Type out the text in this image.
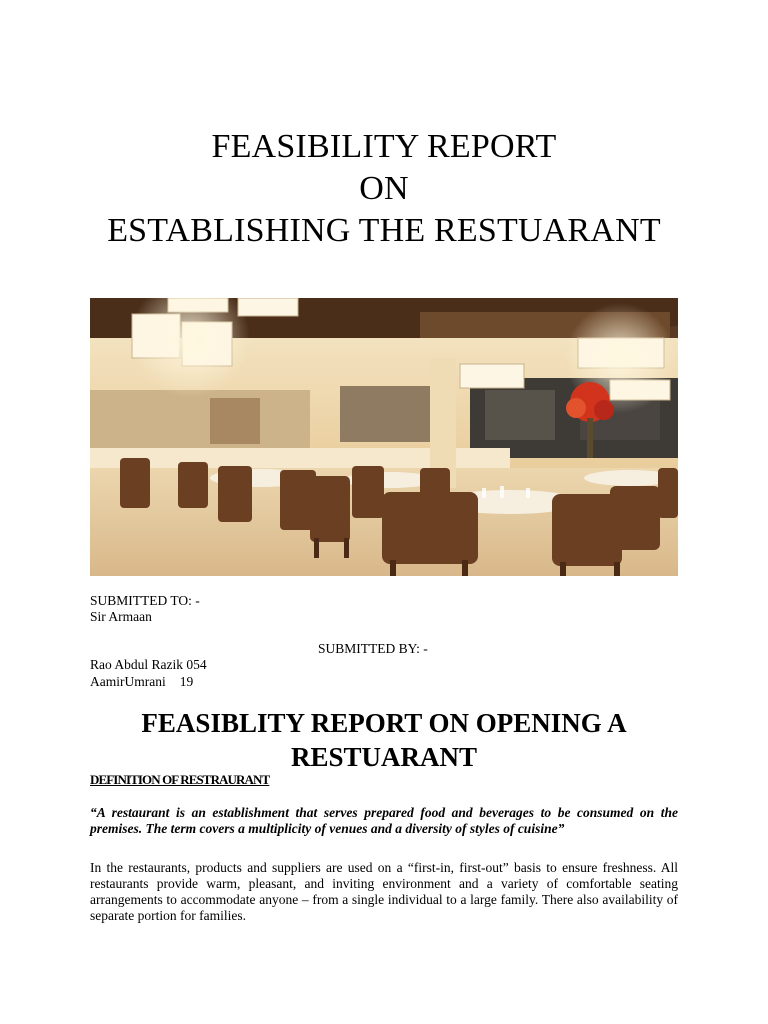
FEASIBILITY REPORT
ON
ESTABLISHING THE RESTUARANT
SUBMITTED TO: -
Sir Armaan
SUBMITTED BY: -
Rao Abdul Razik 054
AamirUmrani 19
FEASIBLITY REPORT ON OPENING A RESTUARANT
DEFINITION OF RESTRAURANT
“A restaurant is an establishment that serves prepared food and beverages to be consumed on the premises. The term covers a multiplicity of venues and a diversity of styles of cuisine”
In the restaurants, products and suppliers are used on a “first-in, first-out” basis to ensure freshness. All restaurants provide warm, pleasant, and inviting environment and a variety of comfortable seating arrangements to accommodate anyone – from a single individual to a large family. There also availability of separate portion for families.
